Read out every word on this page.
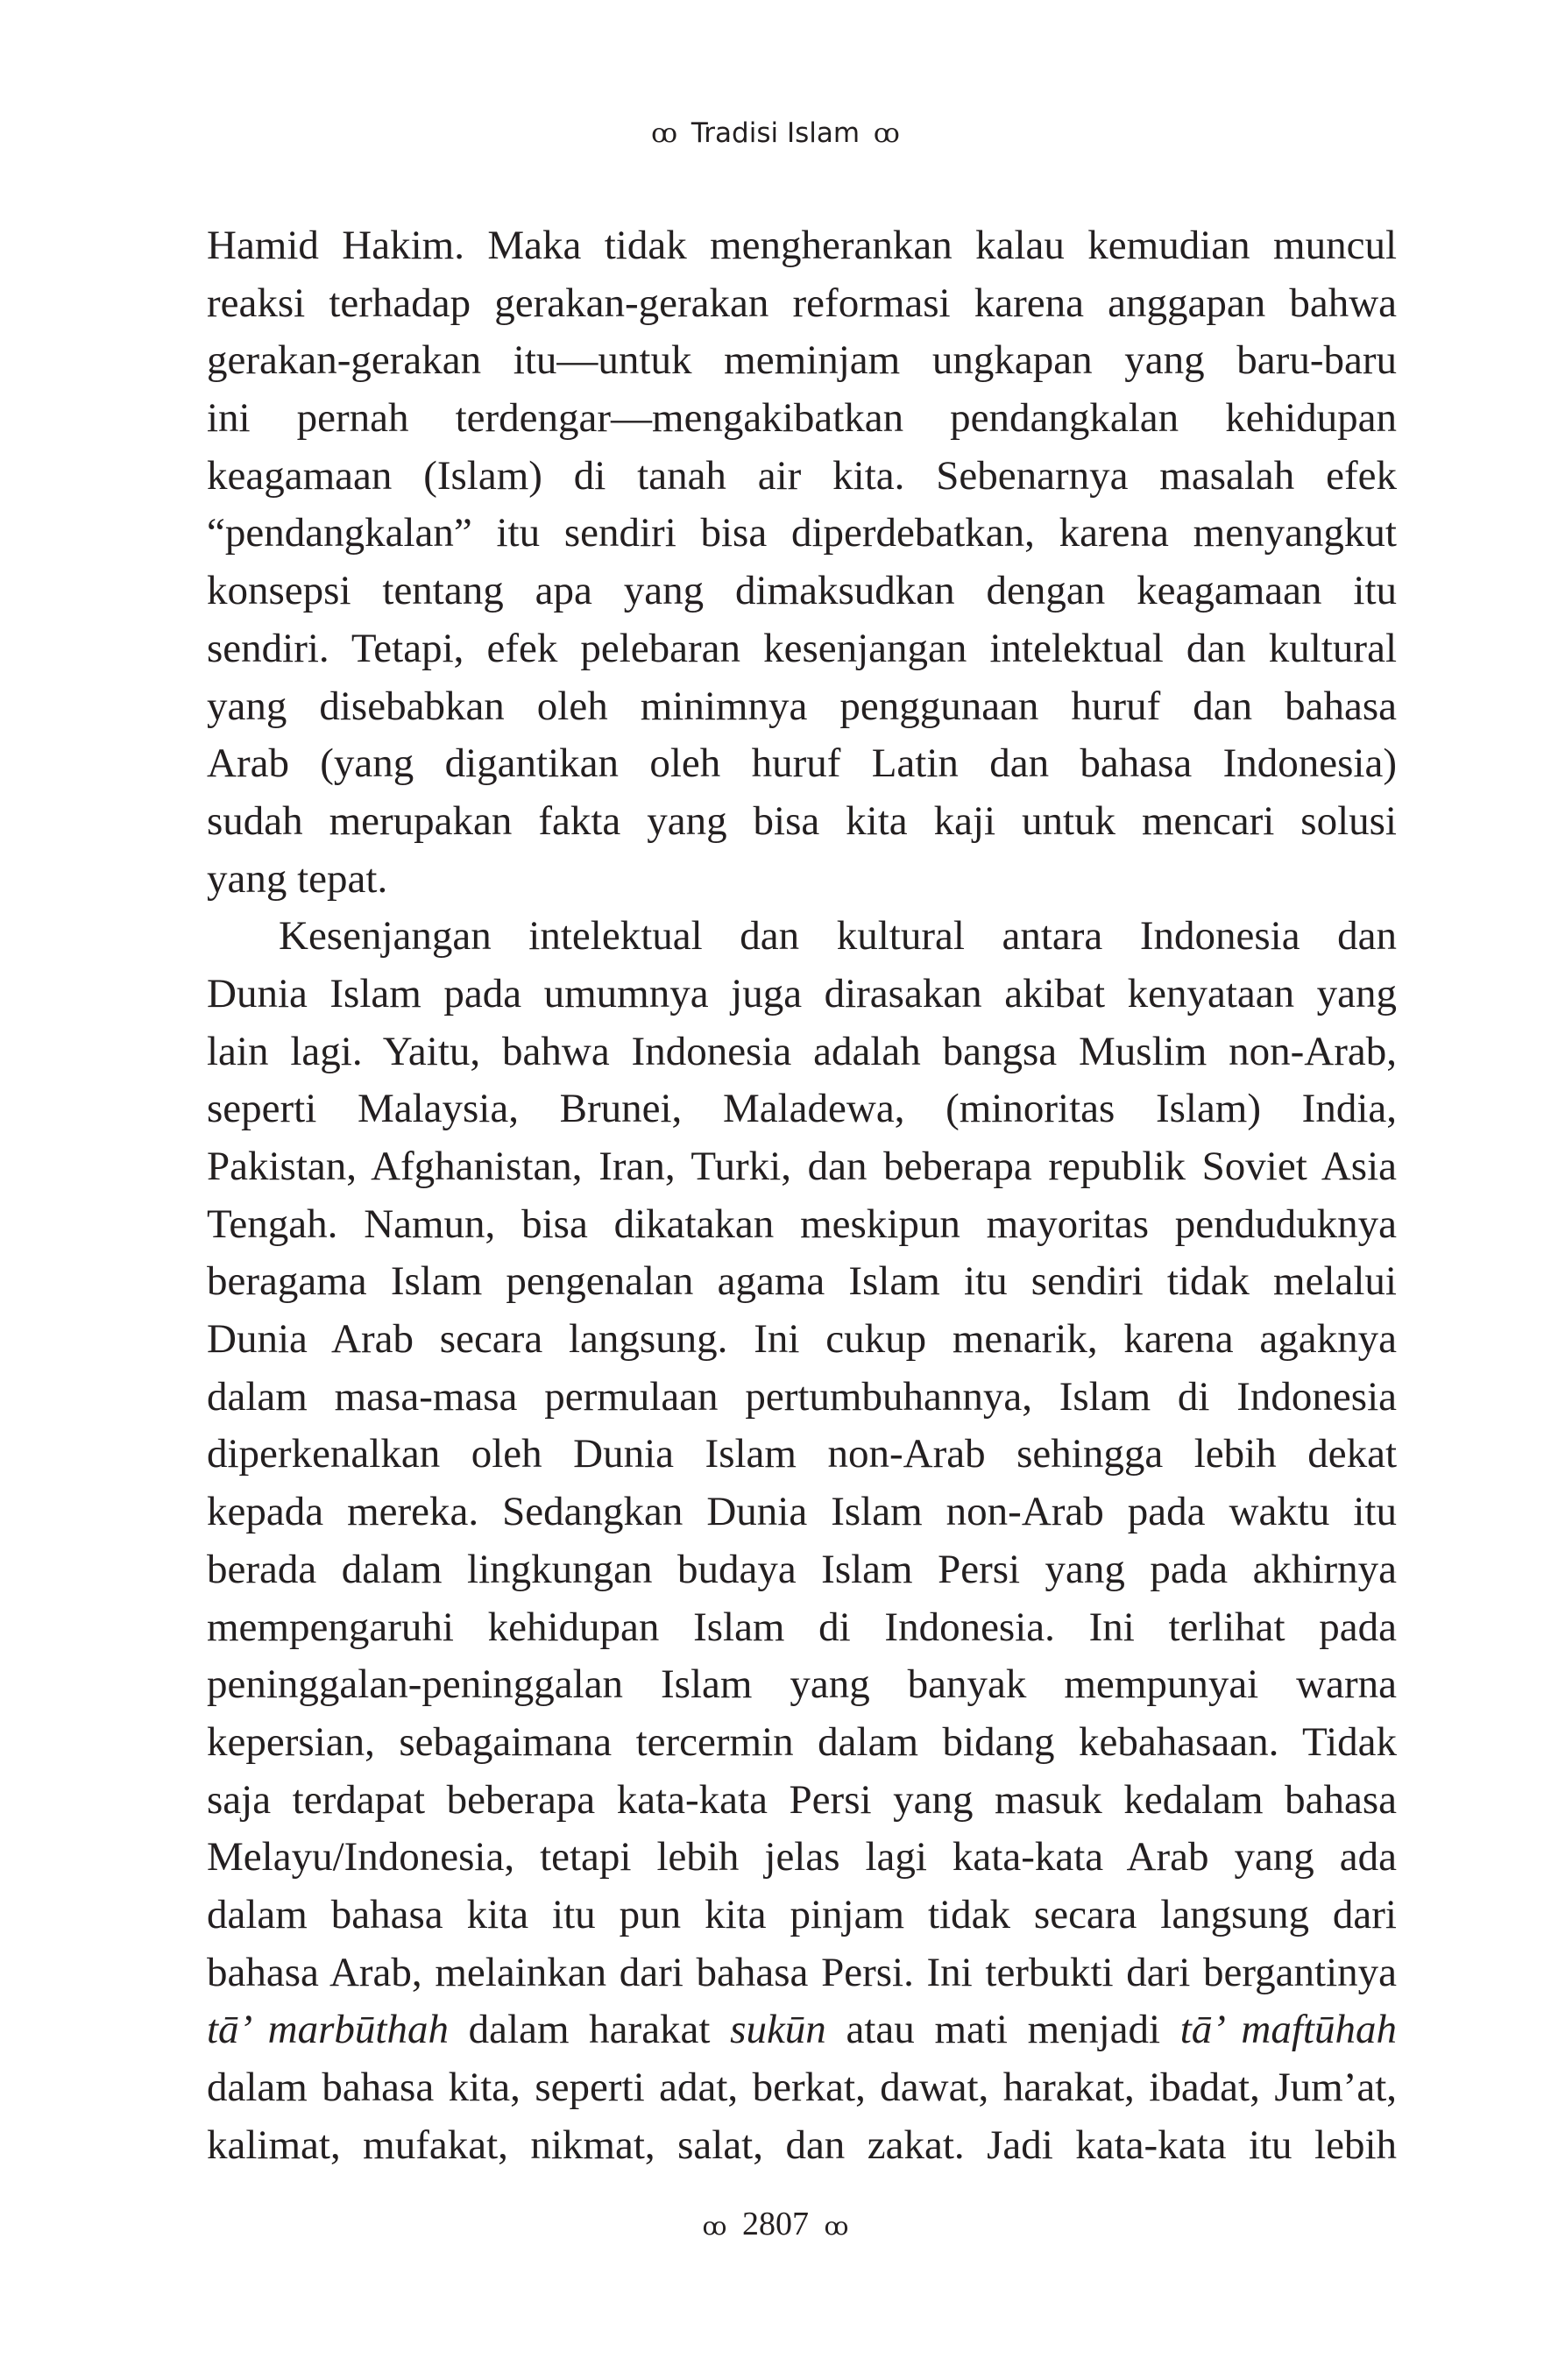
ꝏ Tradisi Islam ꝏ
Hamid Hakim. Maka tidak mengherankan kalau kemudian muncul
reaksi terhadap gerakan-gerakan reformasi karena anggapan bahwa
gerakan-gerakan itu—untuk meminjam ungkapan yang baru-baru
ini pernah terdengar—mengakibatkan pendangkalan kehidupan
keagamaan (Islam) di tanah air kita. Sebenarnya masalah efek
“pendangkalan” itu sendiri bisa diperdebatkan, karena menyangkut
konsepsi tentang apa yang dimaksudkan dengan keagamaan itu
sendiri. Tetapi, efek pelebaran kesenjangan intelektual dan kultural
yang disebabkan oleh minimnya penggunaan huruf dan bahasa
Arab (yang digantikan oleh huruf Latin dan bahasa Indonesia)
sudah merupakan fakta yang bisa kita kaji untuk mencari solusi
yang tepat.
Kesenjangan intelektual dan kultural antara Indonesia dan
Dunia Islam pada umumnya juga dirasakan akibat kenyataan yang
lain lagi. Yaitu, bahwa Indonesia adalah bangsa Muslim non-Arab,
seperti Malaysia, Brunei, Maladewa, (minoritas Islam) India,
Pakistan, Afghanistan, Iran, Turki, dan beberapa republik Soviet Asia
Tengah. Namun, bisa dikatakan meskipun mayoritas penduduknya
beragama Islam pengenalan agama Islam itu sendiri tidak melalui
Dunia Arab secara langsung. Ini cukup menarik, karena agaknya
dalam masa-masa permulaan pertumbuhannya, Islam di Indonesia
diperkenalkan oleh Dunia Islam non-Arab sehingga lebih dekat
kepada mereka. Sedangkan Dunia Islam non-Arab pada waktu itu
berada dalam lingkungan budaya Islam Persi yang pada akhirnya
mempengaruhi kehidupan Islam di Indonesia. Ini terlihat pada
peninggalan-peninggalan Islam yang banyak mempunyai warna
kepersian, sebagaimana tercermin dalam bidang kebahasaan. Tidak
saja terdapat beberapa kata-kata Persi yang masuk kedalam bahasa
Melayu/Indonesia, tetapi lebih jelas lagi kata-kata Arab yang ada
dalam bahasa kita itu pun kita pinjam tidak secara langsung dari
bahasa Arab, melainkan dari bahasa Persi. Ini terbukti dari bergantinya
tā’ marbūthah dalam harakat sukūn atau mati menjadi tā’ maftūhah
dalam bahasa kita, seperti adat, berkat, dawat, harakat, ibadat, Jum’at,
kalimat, mufakat, nikmat, salat, dan zakat. Jadi kata-kata itu lebih
ꝏ 2807 ꝏ
